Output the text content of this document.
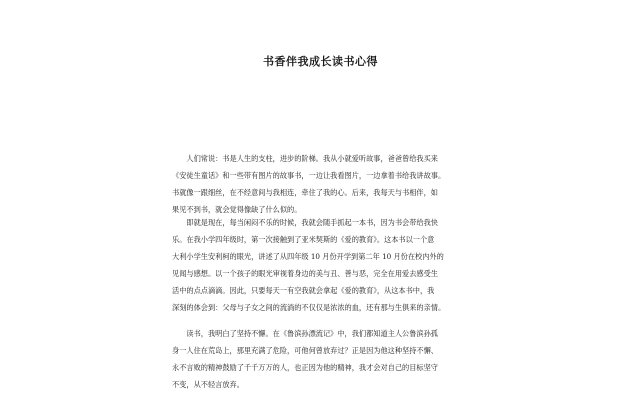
书香伴我成长读书心得
　　人们常说：书是人生的支柱，进步的阶梯。我从小就爱听故事，爸爸曾给我买来
《安徒生童话》和一些带有图片的故事书，一边让我看图片，一边拿着书给我讲故事。
书就像一跟细丝，在不经意间与我相连，牵住了我的心。后来，我每天与书相伴，如
果见不到书，就会觉得像缺了什么似的。
　　即就是现在，每当闲闷不乐的时候，我就会随手抓起一本书，因为书会带给我快
乐。在我小学四年级时，第一次接触到了亚米契斯的《爱的教育》。这本书以一个意
大利小学生安利柯的眼光，讲述了从四年级 10 月份开学到第二年 10 月份在校内外的
见闻与感想。以一个孩子的眼光审视着身边的美与丑、善与恶，完全在用爱去感受生
活中的点点滴滴。因此，只要每天一有空我就会拿起《爱的教育》，从这本书中，我
深刻的体会到：父母与子女之间的流淌的不仅仅是浓浓的血，还有那与生俱来的亲情。
　　读书，我明白了坚持不懈。在《鲁滨孙漂流记》中，我们都知道主人公鲁滨孙孤
身一人住在荒岛上，那里充满了危险，可他何曾放弃过？正是因为他这种坚持不懈、
永不言败的精神鼓励了千千万万的人，也正因为他的精神，我才会对自己的目标坚守
不变，从不轻言放弃。
